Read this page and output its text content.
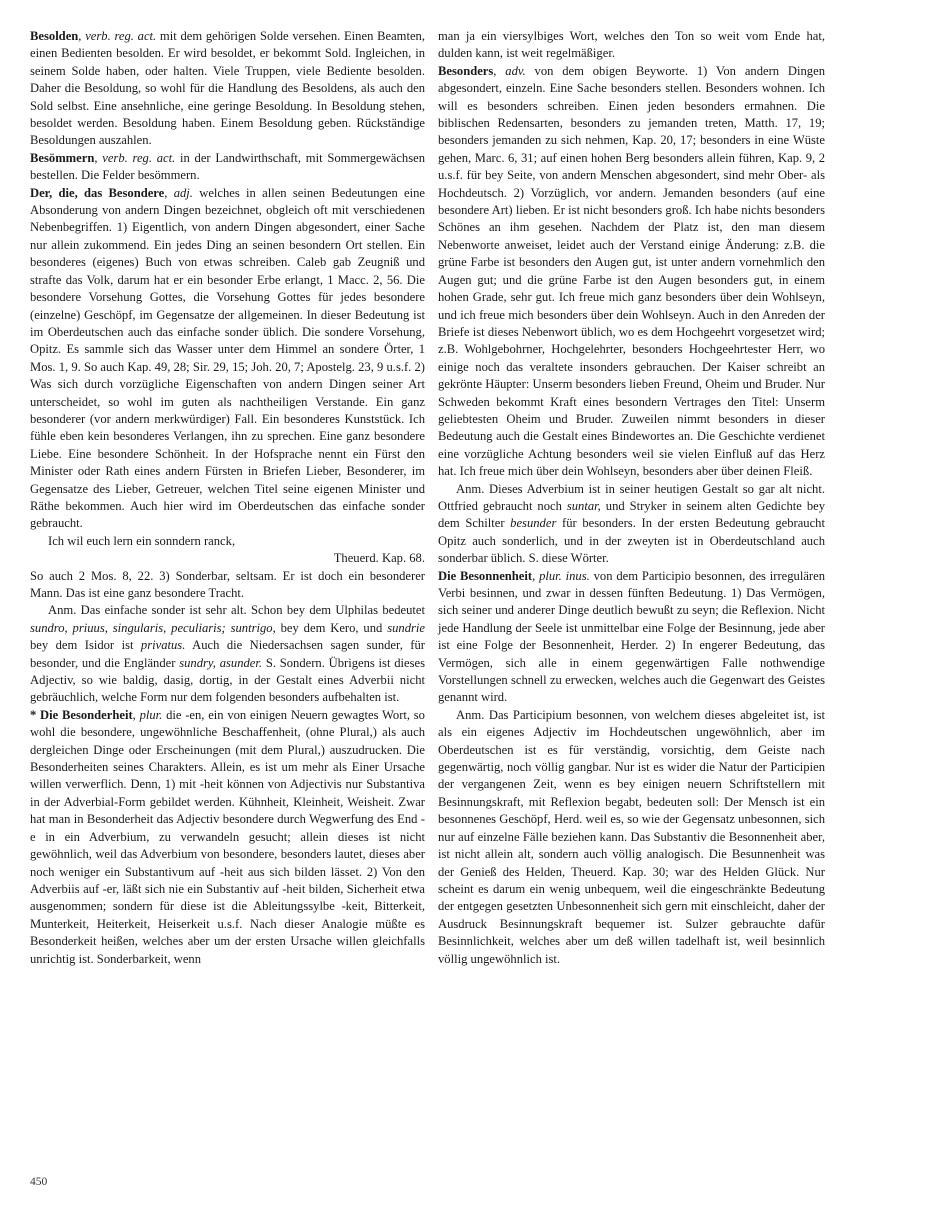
Besolden, verb. reg. act. mit dem gehörigen Solde versehen. Einen Beamten, einen Bedienten besolden. Er wird besoldet, er bekommt Sold. Ingleichen, in seinem Solde haben, oder halten. Viele Truppen, viele Bediente besolden. Daher die Besoldung, so wohl für die Handlung des Besoldens, als auch den Sold selbst. Eine ansehnliche, eine geringe Besoldung. In Besoldung stehen, besoldet werden. Besoldung haben. Einem Besoldung geben. Rückständige Besoldungen auszahlen.

Besömmern, verb. reg. act. in der Landwirthschaft, mit Sommergewächsen bestellen. Die Felder besömmern.

Der, die, das Besondere, adj. welches in allen seinen Bedeutungen eine Absonderung von andern Dingen bezeichnet, obgleich oft mit verschiedenen Nebenbegriffen. 1) Eigentlich, von andern Dingen abgesondert, einer Sache nur allein zukommend. Ein jedes Ding an seinen besondern Ort stellen. Ein besonderes (eigenes) Buch von etwas schreiben. Caleb gab Zeugniß und strafte das Volk, darum hat er ein besonder Erbe erlangt, 1 Macc. 2, 56. Die besondere Vorsehung Gottes, die Vorsehung Gottes für jedes besondere (einzelne) Geschöpf, im Gegensatze der allgemeinen. In dieser Bedeutung ist im Oberdeutschen auch das einfache sonder üblich. Die sondere Vorsehung, Opitz. Es sammle sich das Wasser unter dem Himmel an sondere Örter, 1 Mos. 1, 9. So auch Kap. 49, 28; Sir. 29, 15; Joh. 20, 7; Apostelg. 23, 9 u.s.f. 2) Was sich durch vorzügliche Eigenschaften von andern Dingen seiner Art unterscheidet, so wohl im guten als nachtheiligen Verstande. Ein ganz besonderer (vor andern merkwürdiger) Fall. Ein besonderes Kunststück. Ich fühle eben kein besonderes Verlangen, ihn zu sprechen. Eine ganz besondere Liebe. Eine besondere Schönheit. In der Hofsprache nennt ein Fürst den Minister oder Rath eines andern Fürsten in Briefen Lieber, Besonderer, im Gegensatze des Lieber, Getreuer, welchen Titel seine eigenen Minister und Räthe bekommen. Auch hier wird im Oberdeutschen das einfache sonder gebraucht.

Ich wil euch lern ein sonndern ranck,

Theuerd. Kap. 68.

So auch 2 Mos. 8, 22. 3) Sonderbar, seltsam. Er ist doch ein besonderer Mann. Das ist eine ganz besondere Tracht.

Anm. Das einfache sonder ist sehr alt. Schon bey dem Ulphilas bedeutet sundro, priuus, singularis, peculiaris; suntrigo, bey dem Kero, und sundrie bey dem Isidor ist privatus. Auch die Niedersachsen sagen sunder, für besonder, und die Engländer sundry, asunder. S. Sondern. Übrigens ist dieses Adjectiv, so wie baldig, dasig, dortig, in der Gestalt eines Adverbii nicht gebräuchlich, welche Form nur dem folgenden besonders aufbehalten ist.

* Die Besonderheit, plur. die -en, ein von einigen Neuern gewagtes Wort, so wohl die besondere, ungewöhnliche Beschaffenheit, (ohne Plural,) als auch dergleichen Dinge oder Erscheinungen (mit dem Plural,) auszudrucken. Die Besonderheiten seines Charakters. Allein, es ist um mehr als Einer Ursache willen verwerflich. Denn, 1) mit -heit können von Adjectivis nur Substantiva in der Adverbial-Form gebildet werden. Kühnheit, Kleinheit, Weisheit. Zwar hat man in Besonderheit das Adjectiv besondere durch Wegwerfung des End -e in ein Adverbium, zu verwandeln gesucht; allein dieses ist nicht gewöhnlich, weil das Adverbium von besondere, besonders lautet, dieses aber noch weniger ein Substantivum auf -heit aus sich bilden lässet. 2) Von den Adverbiis auf -er, läßt sich nie ein Substantiv auf -heit bilden, Sicherheit etwa ausgenommen; sondern für diese ist die Ableitungssylbe -keit, Bitterkeit, Munterkeit, Heiterkeit, Heiserkeit u.s.f. Nach dieser Analogie müßte es Besonderkeit heißen, welches aber um der ersten Ursache willen gleichfalls unrichtig ist. Sonderbarkeit, wenn

man ja ein viersylbiges Wort, welches den Ton so weit vom Ende hat, dulden kann, ist weit regelmäßiger.

Besonders, adv. von dem obigen Beyworte. 1) Von andern Dingen abgesondert, einzeln. Eine Sache besonders stellen. Besonders wohnen. Ich will es besonders schreiben. Einen jeden besonders ermahnen. Die biblischen Redensarten, besonders zu jemanden treten, Matth. 17, 19; besonders jemanden zu sich nehmen, Kap. 20, 17; besonders in eine Wüste gehen, Marc. 6, 31; auf einen hohen Berg besonders allein führen, Kap. 9, 2 u.s.f. für bey Seite, von andern Menschen abgesondert, sind mehr Ober- als Hochdeutsch. 2) Vorzüglich, vor andern. Jemanden besonders (auf eine besondere Art) lieben. Er ist nicht besonders groß. Ich habe nichts besonders Schönes an ihm gesehen. Nachdem der Platz ist, den man diesem Nebenworte anweiset, leidet auch der Verstand einige Änderung: z.B. die grüne Farbe ist besonders den Augen gut, ist unter andern vornehmlich den Augen gut; und die grüne Farbe ist den Augen besonders gut, in einem hohen Grade, sehr gut. Ich freue mich ganz besonders über dein Wohlseyn, und ich freue mich besonders über dein Wohlseyn. Auch in den Anreden der Briefe ist dieses Nebenwort üblich, wo es dem Hochgeehrt vorgesetzet wird; z.B. Wohlgebohrner, Hochgelehrter, besonders Hochgeehrtester Herr, wo einige noch das veraltete insonders gebrauchen. Der Kaiser schreibt an gekrönte Häupter: Unserm besonders lieben Freund, Oheim und Bruder. Nur Schweden bekommt Kraft eines besondern Vertrages den Titel: Unserm geliebtesten Oheim und Bruder. Zuweilen nimmt besonders in dieser Bedeutung auch die Gestalt eines Bindewortes an. Die Geschichte verdienet eine vorzügliche Achtung besonders weil sie vielen Einfluß auf das Herz hat. Ich freue mich über dein Wohlseyn, besonders aber über deinen Fleiß.

Anm. Dieses Adverbium ist in seiner heutigen Gestalt so gar alt nicht. Ottfried gebraucht noch suntar, und Stryker in seinem alten Gedichte bey dem Schilter besunder für besonders. In der ersten Bedeutung gebraucht Opitz auch sonderlich, und in der zweyten ist in Oberdeutschland auch sonderbar üblich. S. diese Wörter.

Die Besonnenheit, plur. inus. von dem Participio besonnen, des irregulären Verbi besinnen, und zwar in dessen fünften Bedeutung. 1) Das Vermögen, sich seiner und anderer Dinge deutlich bewußt zu seyn; die Reflexion. Nicht jede Handlung der Seele ist unmittelbar eine Folge der Besinnung, jede aber ist eine Folge der Besonnenheit, Herder. 2) In engerer Bedeutung, das Vermögen, sich alle in einem gegenwärtigen Falle nothwendige Vorstellungen schnell zu erwecken, welches auch die Gegenwart des Geistes genannt wird.

Anm. Das Participium besonnen, von welchem dieses abgeleitet ist, ist als ein eigenes Adjectiv im Hochdeutschen ungewöhnlich, aber im Oberdeutschen ist es für verständig, vorsichtig, dem Geiste nach gegenwärtig, noch völlig gangbar. Nur ist es wider die Natur der Participien der vergangenen Zeit, wenn es bey einigen neuern Schriftstellern mit Besinnungskraft, mit Reflexion begabt, bedeuten soll: Der Mensch ist ein besonnenes Geschöpf, Herd. weil es, so wie der Gegensatz unbesonnen, sich nur auf einzelne Fälle beziehen kann. Das Substantiv die Besonnenheit aber, ist nicht allein alt, sondern auch völlig analogisch. Die Besunnenheit was der Genieß des Helden, Theuerd. Kap. 30; war des Helden Glück. Nur scheint es darum ein wenig unbequem, weil die eingeschränkte Bedeutung der entgegen gesetzten Unbesonnenheit sich gern mit einschleicht, daher der Ausdruck Besinnungskraft bequemer ist. Sulzer gebrauchte dafür Besinnlichkeit, welches aber um deß willen tadelhaft ist, weil besinnlich völlig ungewöhnlich ist.

450
